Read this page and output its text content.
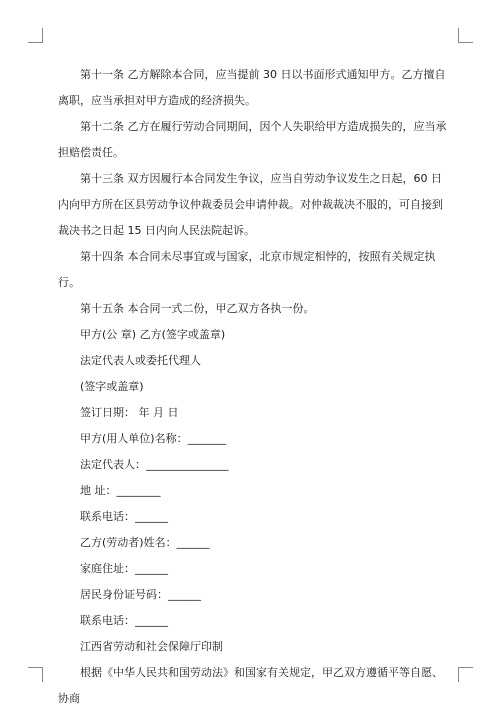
第十一条 乙方解除本合同，应当提前 30 日以书面形式通知甲方。乙方擅自离职，应当承担对甲方造成的经济损失。

第十二条 乙方在履行劳动合同期间，因个人失职给甲方造成损失的，应当承担赔偿责任。

第十三条 双方因履行本合同发生争议，应当自劳动争议发生之日起，60 日内向甲方所在区县劳动争议仲裁委员会申请仲裁。对仲裁裁决不服的，可自接到裁决书之日起 15 日内向人民法院起诉。

第十四条 本合同未尽事宜或与国家，北京市规定相悖的，按照有关规定执行。

第十五条 本合同一式二份，甲乙双方各执一份。

甲方(公 章) 乙方(签字或盖章)

法定代表人或委托代理人

(签字或盖章)

签订日期： 年 月 日

甲方(用人单位)名称：_______

法定代表人：_______________

地 址：________

联系电话：______

乙方(劳动者)姓名：______

家庭住址：______

居民身份证号码：______

联系电话：______

江西省劳动和社会保障厅印制

根据《中华人民共和国劳动法》和国家有关规定，甲乙双方遵循平等自愿、协商
